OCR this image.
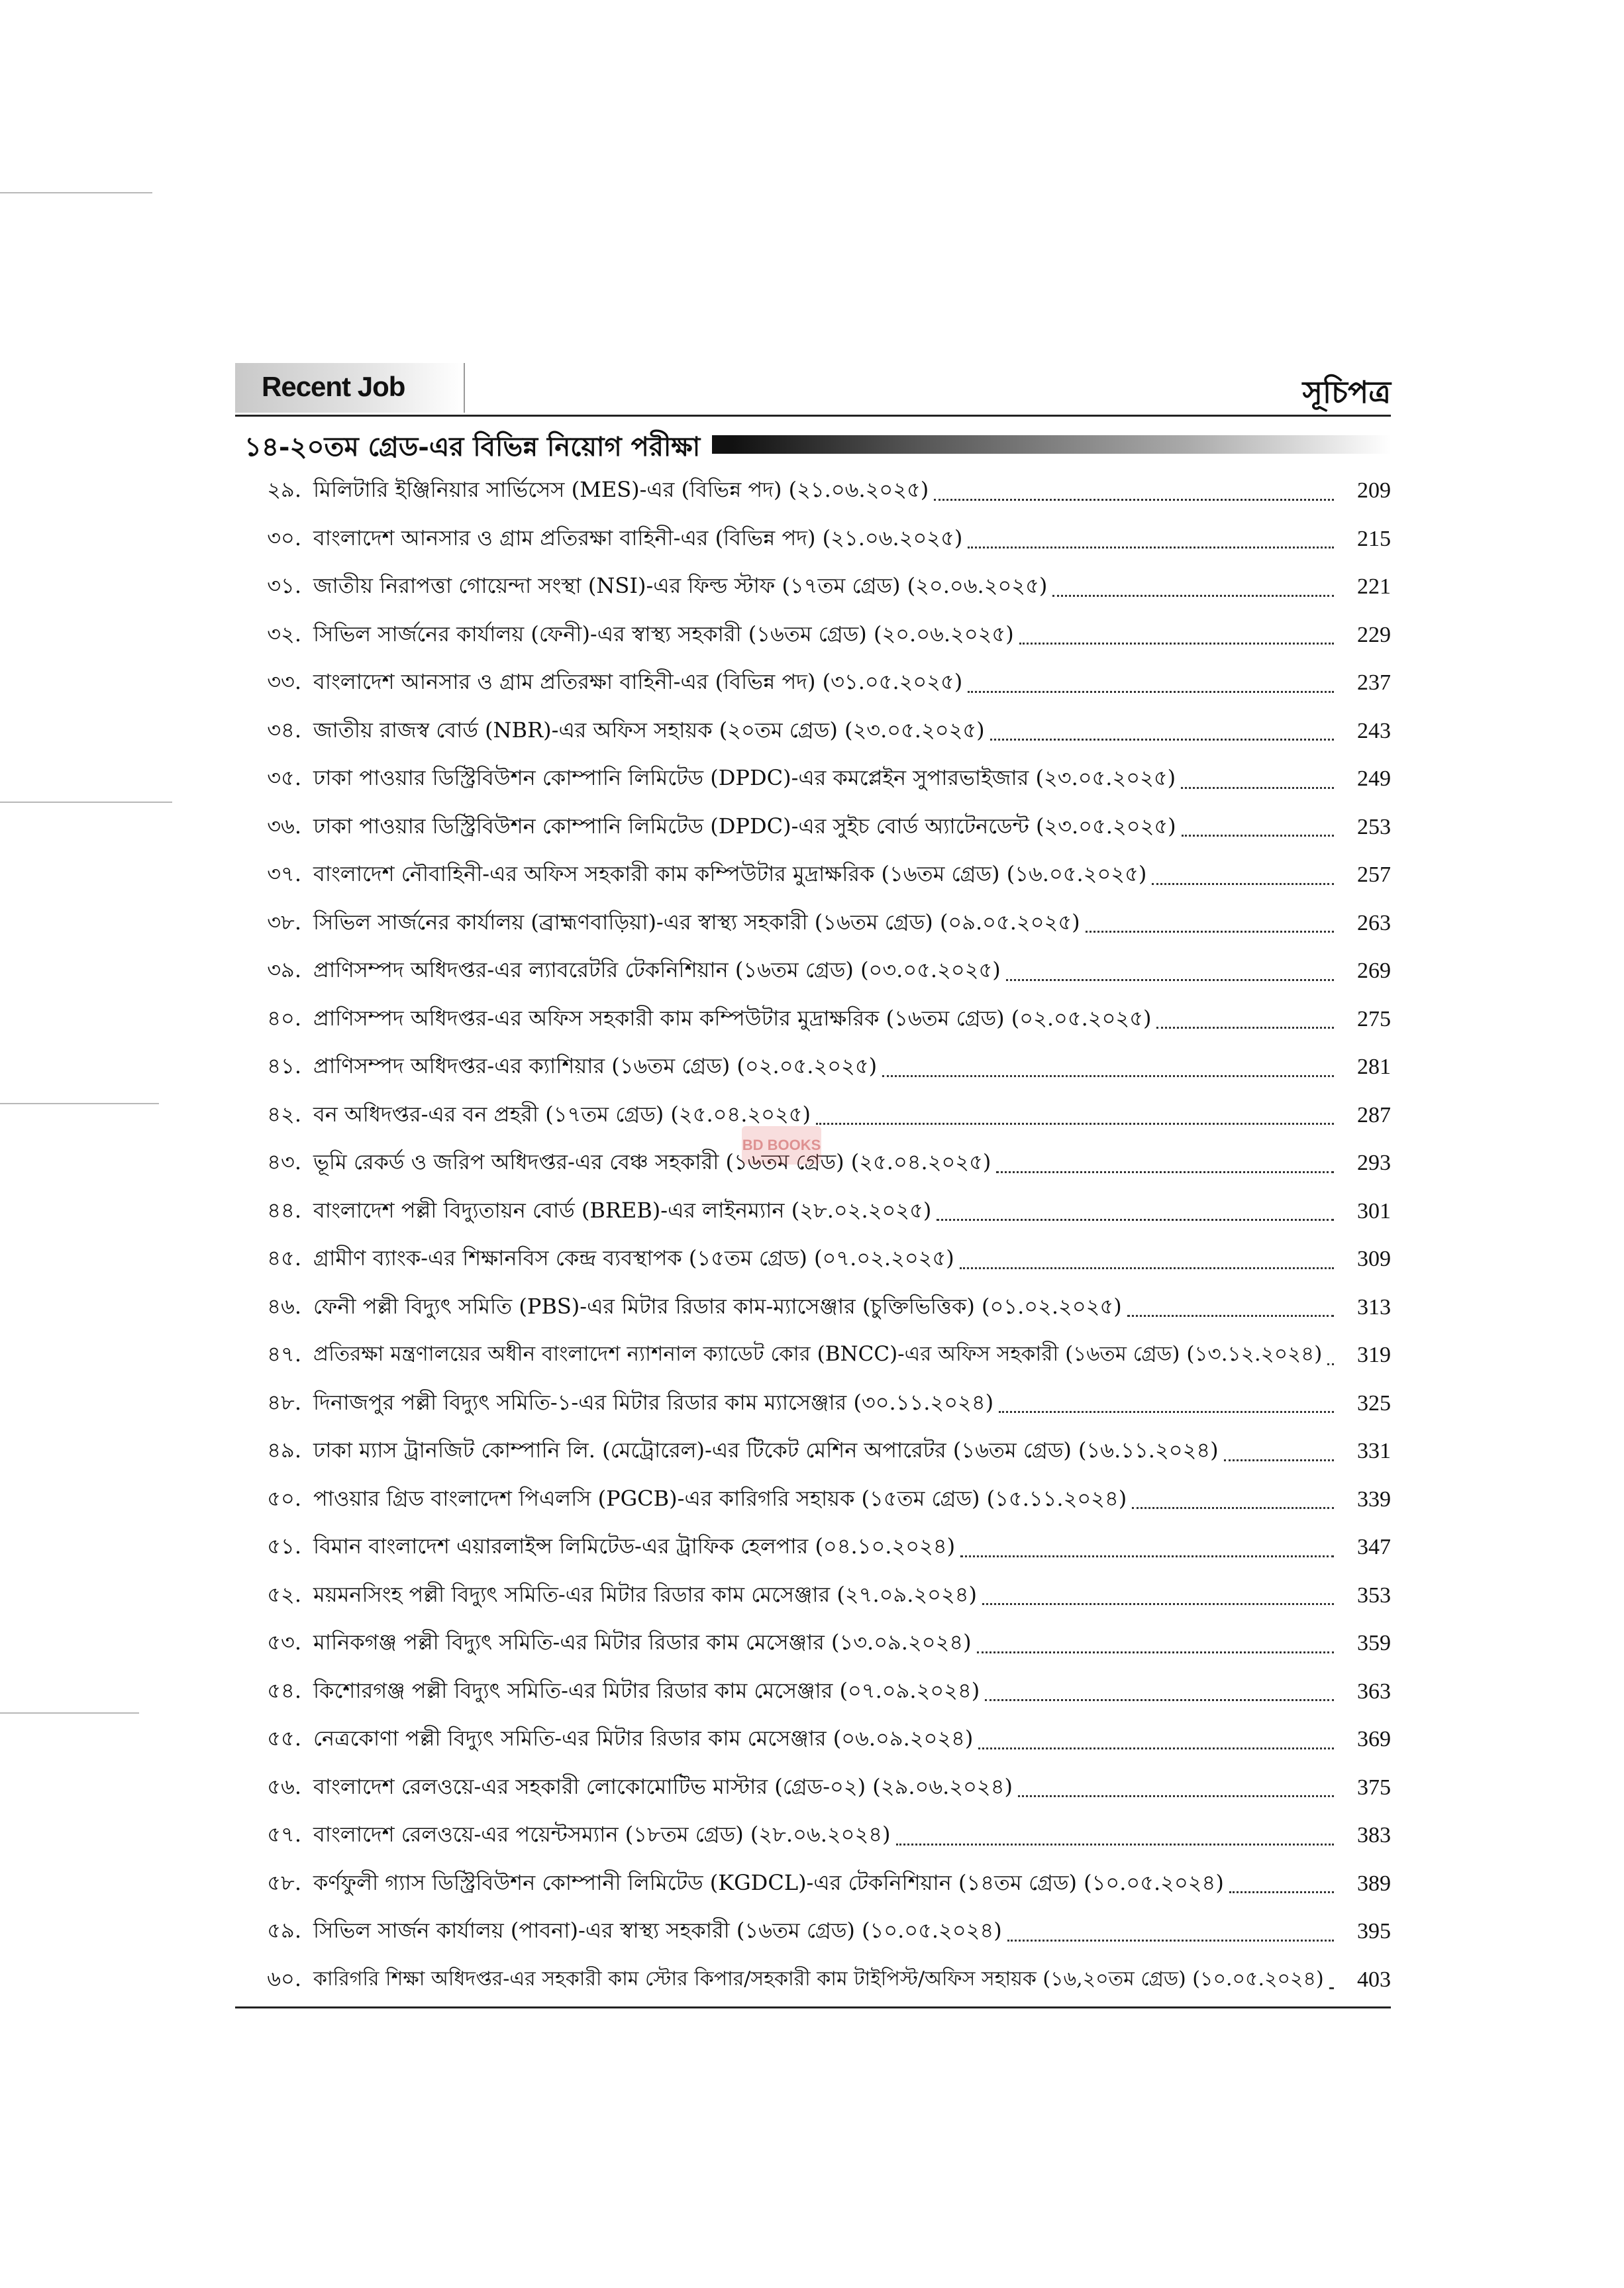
Recent Job	সূচিপত্র
১৪-২০তম গ্রেড-এর বিভিন্ন নিয়োগ পরীক্ষা
২৯. মিলিটারি ইঞ্জিনিয়ার সার্ভিসেস (MES)-এর (বিভিন্ন পদ) (২১.০৬.২০২৫)	209
৩০. বাংলাদেশ আনসার ও গ্রাম প্রতিরক্ষা বাহিনী-এর (বিভিন্ন পদ) (২১.০৬.২০২৫)	215
৩১. জাতীয় নিরাপত্তা গোয়েন্দা সংস্থা (NSI)-এর ফিল্ড স্টাফ (১৭তম গ্রেড) (২০.০৬.২০২৫)	221
৩২. সিভিল সার্জনের কার্যালয় (ফেনী)-এর স্বাস্থ্য সহকারী (১৬তম গ্রেড) (২০.০৬.২০২৫)	229
৩৩. বাংলাদেশ আনসার ও গ্রাম প্রতিরক্ষা বাহিনী-এর (বিভিন্ন পদ) (৩১.০৫.২০২৫)	237
৩৪. জাতীয় রাজস্ব বোর্ড (NBR)-এর অফিস সহায়ক (২০তম গ্রেড) (২৩.০৫.২০২৫)	243
৩৫. ঢাকা পাওয়ার ডিস্ট্রিবিউশন কোম্পানি লিমিটেড (DPDC)-এর কমপ্লেইন সুপারভাইজার (২৩.০৫.২০২৫)	249
৩৬. ঢাকা পাওয়ার ডিস্ট্রিবিউশন কোম্পানি লিমিটেড (DPDC)-এর সুইচ বোর্ড অ্যাটেনডেন্ট (২৩.০৫.২০২৫)	253
৩৭. বাংলাদেশ নৌবাহিনী-এর অফিস সহকারী কাম কম্পিউটার মুদ্রাক্ষরিক (১৬তম গ্রেড) (১৬.০৫.২০২৫)	257
৩৮. সিভিল সার্জনের কার্যালয় (ব্রাহ্মণবাড়িয়া)-এর স্বাস্থ্য সহকারী (১৬তম গ্রেড) (০৯.০৫.২০২৫)	263
৩৯. প্রাণিসম্পদ অধিদপ্তর-এর ল্যাবরেটরি টেকনিশিয়ান (১৬তম গ্রেড) (০৩.০৫.২০২৫)	269
৪০. প্রাণিসম্পদ অধিদপ্তর-এর অফিস সহকারী কাম কম্পিউটার মুদ্রাক্ষরিক (১৬তম গ্রেড) (০২.০৫.২০২৫)	275
৪১. প্রাণিসম্পদ অধিদপ্তর-এর ক্যাশিয়ার (১৬তম গ্রেড) (০২.০৫.২০২৫)	281
৪২. বন অধিদপ্তর-এর বন প্রহরী (১৭তম গ্রেড) (২৫.০৪.২০২৫)	287
৪৩. ভূমি রেকর্ড ও জরিপ অধিদপ্তর-এর বেঞ্চ সহকারী (১৬তম গ্রেড) (২৫.০৪.২০২৫)	293
৪৪. বাংলাদেশ পল্লী বিদ্যুতায়ন বোর্ড (BREB)-এর লাইনম্যান (২৮.০২.২০২৫)	301
৪৫. গ্রামীণ ব্যাংক-এর শিক্ষানবিস কেন্দ্র ব্যবস্থাপক (১৫তম গ্রেড) (০৭.০২.২০২৫)	309
৪৬. ফেনী পল্লী বিদ্যুৎ সমিতি (PBS)-এর মিটার রিডার কাম-ম্যাসেঞ্জার (চুক্তিভিত্তিক) (০১.০২.২০২৫)	313
৪৭. প্রতিরক্ষা মন্ত্রণালয়ের অধীন বাংলাদেশ ন্যাশনাল ক্যাডেট কোর (BNCC)-এর অফিস সহকারী (১৬তম গ্রেড) (১৩.১২.২০২৪)	319
৪৮. দিনাজপুর পল্লী বিদ্যুৎ সমিতি-১-এর মিটার রিডার কাম ম্যাসেঞ্জার (৩০.১১.২০২৪)	325
৪৯. ঢাকা ম্যাস ট্রানজিট কোম্পানি লি. (মেট্রোরেল)-এর টিকেট মেশিন অপারেটর (১৬তম গ্রেড) (১৬.১১.২০২৪)	331
৫০. পাওয়ার গ্রিড বাংলাদেশ পিএলসি (PGCB)-এর কারিগরি সহায়ক (১৫তম গ্রেড) (১৫.১১.২০২৪)	339
৫১. বিমান বাংলাদেশ এয়ারলাইন্স লিমিটেড-এর ট্রাফিক হেলপার (০৪.১০.২০২৪)	347
৫২. ময়মনসিংহ পল্লী বিদ্যুৎ সমিতি-এর মিটার রিডার কাম মেসেঞ্জার (২৭.০৯.২০২৪)	353
৫৩. মানিকগঞ্জ পল্লী বিদ্যুৎ সমিতি-এর মিটার রিডার কাম মেসেঞ্জার (১৩.০৯.২০২৪)	359
৫৪. কিশোরগঞ্জ পল্লী বিদ্যুৎ সমিতি-এর মিটার রিডার কাম মেসেঞ্জার (০৭.০৯.২০২৪)	363
৫৫. নেত্রকোণা পল্লী বিদ্যুৎ সমিতি-এর মিটার রিডার কাম মেসেঞ্জার (০৬.০৯.২০২৪)	369
৫৬. বাংলাদেশ রেলওয়ে-এর সহকারী লোকোমোটিভ মাস্টার (গ্রেড-০২) (২৯.০৬.২০২৪)	375
৫৭. বাংলাদেশ রেলওয়ে-এর পয়েন্টসম্যান (১৮তম গ্রেড) (২৮.০৬.২০২৪)	383
৫৮. কর্ণফুলী গ্যাস ডিস্ট্রিবিউশন কোম্পানী লিমিটেড (KGDCL)-এর টেকনিশিয়ান (১৪তম গ্রেড) (১০.০৫.২০২৪)	389
৫৯. সিভিল সার্জন কার্যালয় (পাবনা)-এর স্বাস্থ্য সহকারী (১৬তম গ্রেড) (১০.০৫.২০২৪)	395
৬০. কারিগরি শিক্ষা অধিদপ্তর-এর সহকারী কাম স্টোর কিপার/সহকারী কাম টাইপিস্ট/অফিস সহায়ক (১৬,২০তম গ্রেড) (১০.০৫.২০২৪)	403
BD BOOKS
